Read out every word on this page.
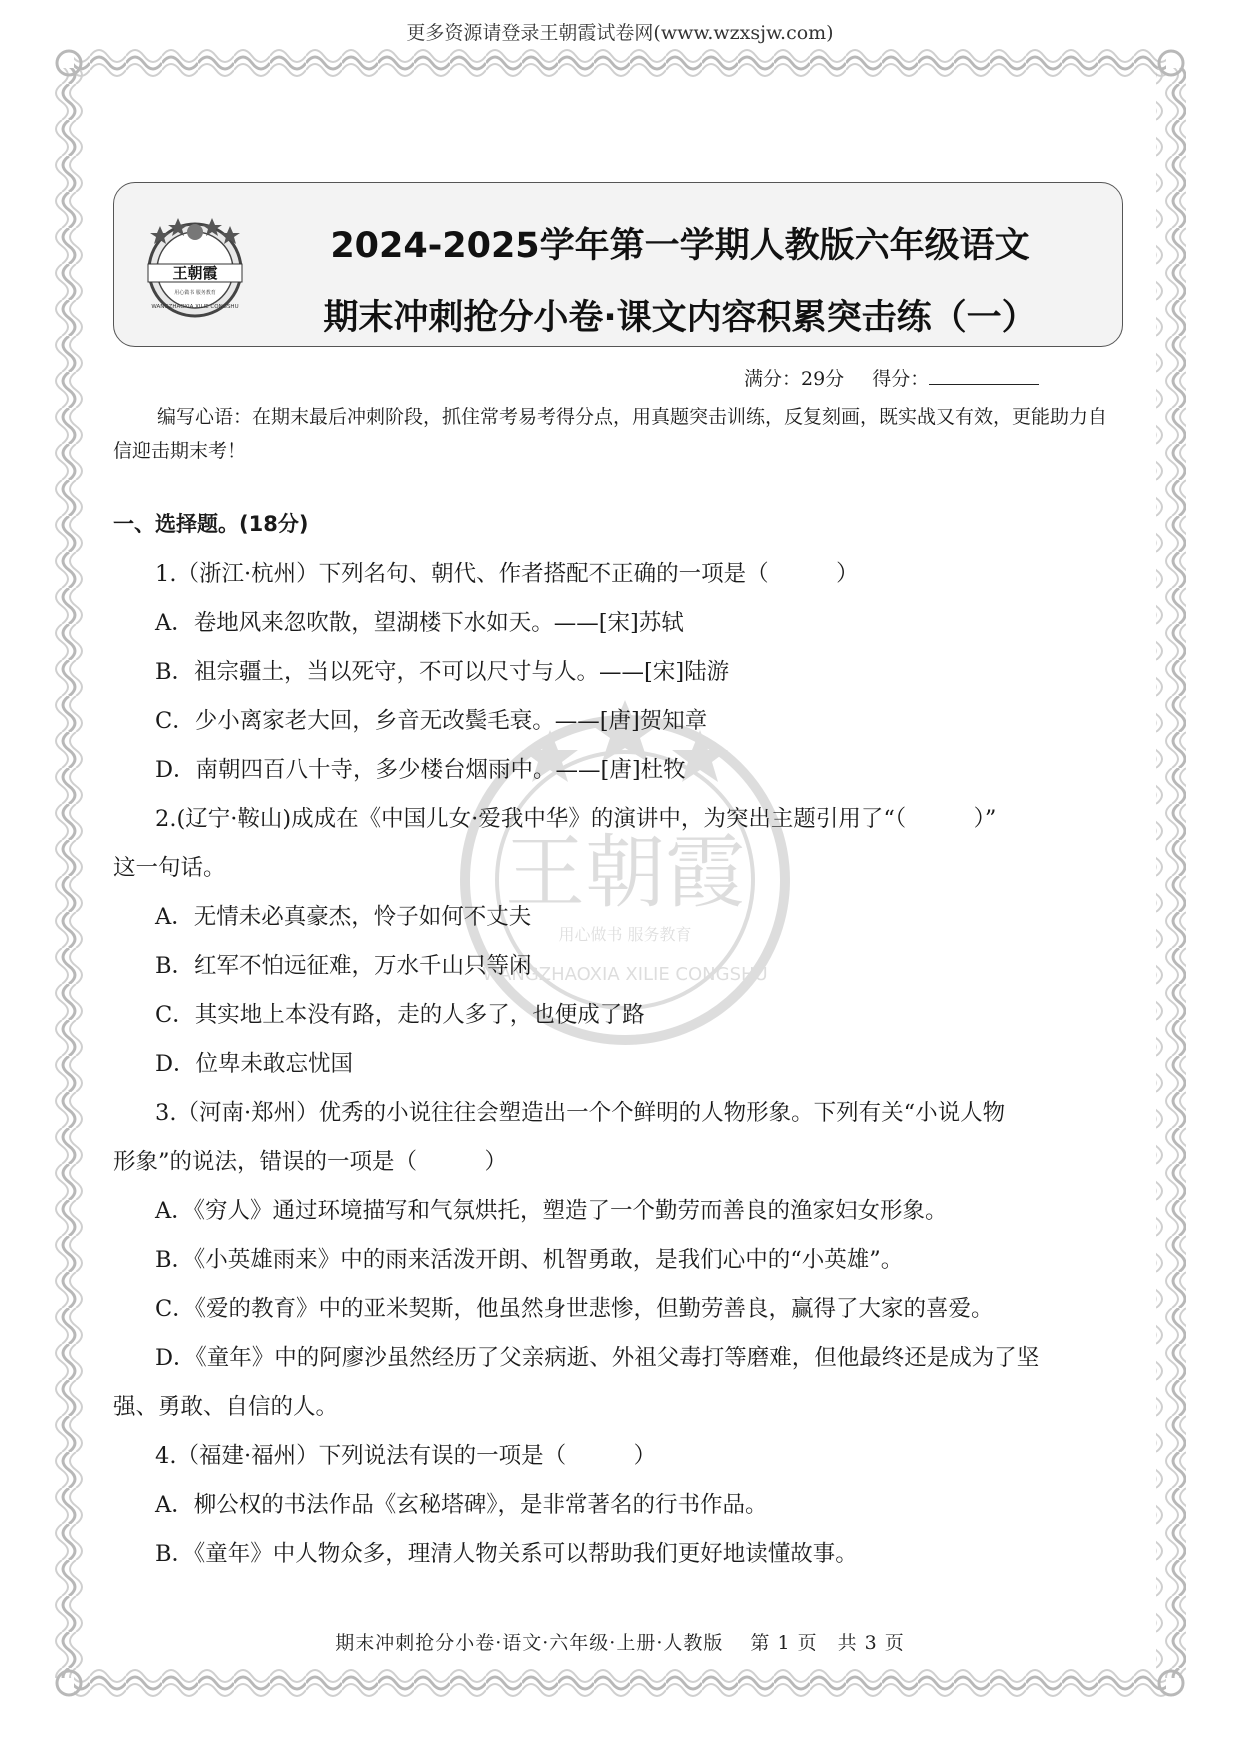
更多资源请登录王朝霞试卷网(www.wzxsjw.com)
王朝霞
用心做书 服务教育
WANGZHAOXIA XILIE CONGSHU
2024-2025学年第一学期人教版六年级语文
期末冲刺抢分小卷·课文内容积累突击练（一）
满分：29分 得分：
编写心语：在期末最后冲刺阶段，抓住常考易考得分点，用真题突击训练，反复刻画，既实战又有效，更能助力自信迎击期末考！
王朝霞
用心做书 服务教育
WANGZHAOXIA XILIE CONGSHU
一、选择题。(18分)
1.（浙江·杭州）下列名句、朝代、作者搭配不正确的一项是（　　　）
A．卷地风来忽吹散，望湖楼下水如天。——[宋]苏轼
B．祖宗疆土，当以死守，不可以尺寸与人。——[宋]陆游
C．少小离家老大回，乡音无改鬓毛衰。——[唐]贺知章
D．南朝四百八十寺，多少楼台烟雨中。——[唐]杜牧
2.(辽宁·鞍山)成成在《中国儿女·爱我中华》的演讲中，为突出主题引用了“（　　　）”
这一句话。
A．无情未必真豪杰，怜子如何不丈夫
B．红军不怕远征难，万水千山只等闲
C．其实地上本没有路，走的人多了，也便成了路
D．位卑未敢忘忧国
3.（河南·郑州）优秀的小说往往会塑造出一个个鲜明的人物形象。下列有关“小说人物
形象”的说法，错误的一项是（　　　）
A．《穷人》通过环境描写和气氛烘托，塑造了一个勤劳而善良的渔家妇女形象。
B．《小英雄雨来》中的雨来活泼开朗、机智勇敢，是我们心中的“小英雄”。
C．《爱的教育》中的亚米契斯，他虽然身世悲惨，但勤劳善良，赢得了大家的喜爱。
D．《童年》中的阿廖沙虽然经历了父亲病逝、外祖父毒打等磨难，但他最终还是成为了坚
强、勇敢、自信的人。
4.（福建·福州）下列说法有误的一项是（　　　）
A．柳公权的书法作品《玄秘塔碑》，是非常著名的行书作品。
B．《童年》中人物众多，理清人物关系可以帮助我们更好地读懂故事。
期末冲刺抢分小卷·语文·六年级·上册·人教版　 第 1 页　共 3 页
